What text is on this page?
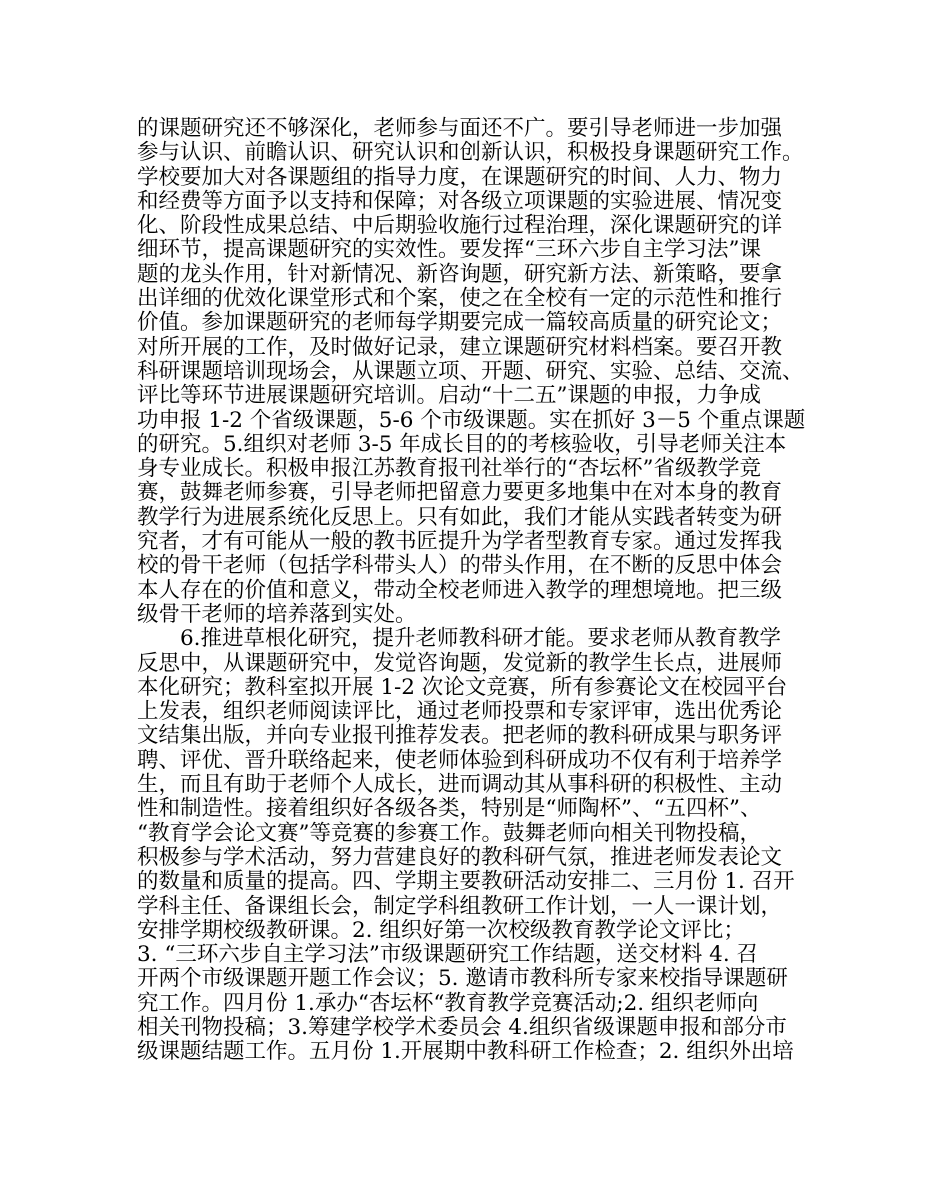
的课题研究还不够深化，老师参与面还不广。要引导老师进一步加强
参与认识、前瞻认识、研究认识和创新认识，积极投身课题研究工作。
学校要加大对各课题组的指导力度，在课题研究的时间、人力、物力
和经费等方面予以支持和保障；对各级立项课题的实验进展、情况变
化、阶段性成果总结、中后期验收施行过程治理，深化课题研究的详
细环节，提高课题研究的实效性。要发挥“三环六步自主学习法”课
题的龙头作用，针对新情况、新咨询题，研究新方法、新策略，要拿
出详细的优效化课堂形式和个案，使之在全校有一定的示范性和推行
价值。参加课题研究的老师每学期要完成一篇较高质量的研究论文；
对所开展的工作，及时做好记录，建立课题研究材料档案。要召开教
科研课题培训现场会，从课题立项、开题、研究、实验、总结、交流、
评比等环节进展课题研究培训。启动“十二五”课题的申报，力争成
功申报 1-2 个省级课题，5-6 个市级课题。实在抓好 3－5 个重点课题
的研究。5.组织对老师 3-5 年成长目的的考核验收，引导老师关注本
身专业成长。积极申报江苏教育报刊社举行的“杏坛杯”省级教学竞
赛，鼓舞老师参赛，引导老师把留意力要更多地集中在对本身的教育
教学行为进展系统化反思上。只有如此，我们才能从实践者转变为研
究者，才有可能从一般的教书匠提升为学者型教育专家。通过发挥我
校的骨干老师（包括学科带头人）的带头作用，在不断的反思中体会
本人存在的价值和意义，带动全校老师进入教学的理想境地。把三级
级骨干老师的培养落到实处。
　　6.推进草根化研究，提升老师教科研才能。要求老师从教育教学
反思中，从课题研究中，发觉咨询题，发觉新的教学生长点，进展师
本化研究；教科室拟开展 1-2 次论文竞赛，所有参赛论文在校园平台
上发表，组织老师阅读评比，通过老师投票和专家评审，选出优秀论
文结集出版，并向专业报刊推荐发表。把老师的教科研成果与职务评
聘、评优、晋升联络起来，使老师体验到科研成功不仅有利于培养学
生，而且有助于老师个人成长，进而调动其从事科研的积极性、主动
性和制造性。接着组织好各级各类，特别是“师陶杯”、“五四杯”、
“教育学会论文赛”等竞赛的参赛工作。鼓舞老师向相关刊物投稿，
积极参与学术活动，努力营建良好的教科研气氛，推进老师发表论文
的数量和质量的提高。四、学期主要教研活动安排二、三月份 1. 召开
学科主任、备课组长会，制定学科组教研工作计划，一人一课计划，
安排学期校级教研课。2. 组织好第一次校级教育教学论文评比；
3. “三环六步自主学习法”市级课题研究工作结题，送交材料 4. 召
开两个市级课题开题工作会议；5. 邀请市教科所专家来校指导课题研
究工作。四月份 1.承办“杏坛杯“教育教学竞赛活动;2. 组织老师向
相关刊物投稿；3.筹建学校学术委员会 4.组织省级课题申报和部分市
级课题结题工作。五月份 1.开展期中教科研工作检查；2. 组织外出培
